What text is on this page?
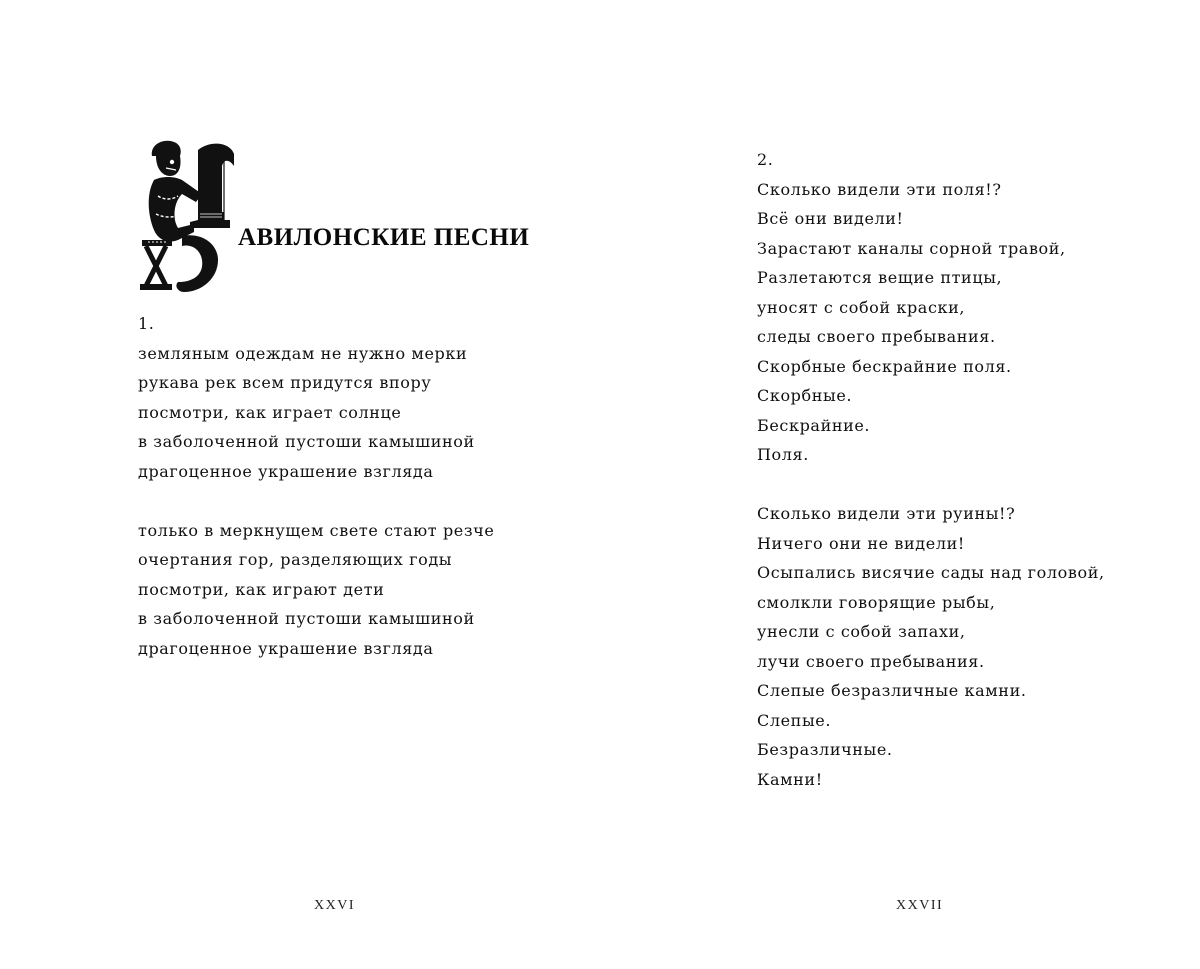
АВИЛОНСКИЕ ПЕСНИ
1.
земляным одеждам не нужно мерки
рукава рек всем придутся впору
посмотри, как играет солнце
в заболоченной пустоши камышиной
драгоценное украшение взгляда
только в меркнущем свете стают резче
очертания гор, разделяющих годы
посмотри, как играют дети
в заболоченной пустоши камышиной
драгоценное украшение взгляда
XXVI
2.
Сколько видели эти поля!?
Всё они видели!
Зарастают каналы сорной травой,
Разлетаются вещие птицы,
уносят с собой краски,
следы своего пребывания.
Скорбные бескрайние поля.
Скорбные.
Бескрайние.
Поля.
Сколько видели эти руины!?
Ничего они не видели!
Осыпались висячие сады над головой,
смолкли говорящие рыбы,
унесли с собой запахи,
лучи своего пребывания.
Слепые безразличные камни.
Слепые.
Безразличные.
Камни!
XXVII
